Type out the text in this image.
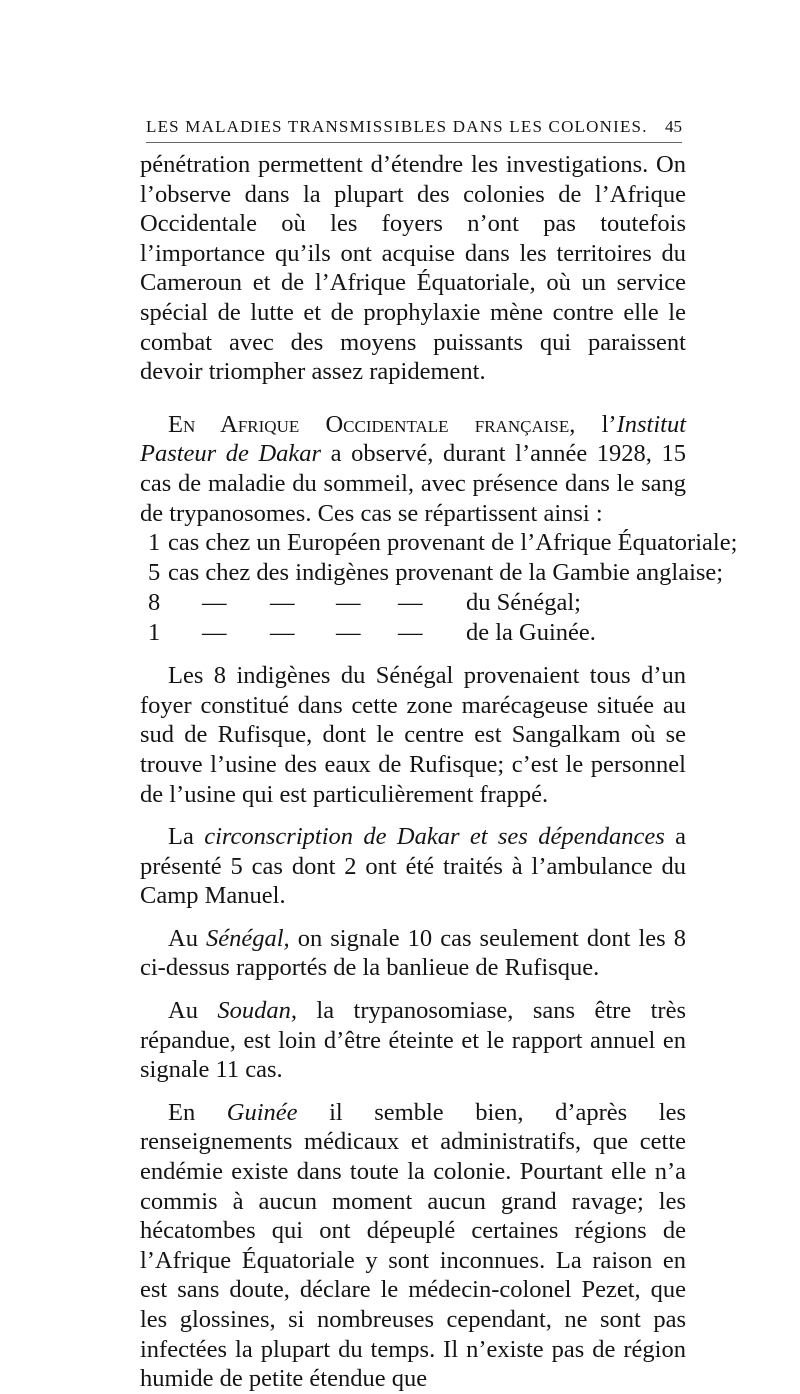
LES MALADIES TRANSMISSIBLES DANS LES COLONIES. 45

pénétration permettent d’étendre les investigations. On l’observe dans la plupart des colonies de l’Afrique Occidentale où les foyers n’ont pas toutefois l’importance qu’ils ont acquise dans les territoires du Cameroun et de l’Afrique Équatoriale, où un service spécial de lutte et de prophylaxie mène contre elle le combat avec des moyens puissants qui paraissent devoir triompher assez rapidement.

En Afrique Occidentale française, l’Institut Pasteur de Dakar a observé, durant l’année 1928, 15 cas de maladie du sommeil, avec présence dans le sang de trypanosomes. Ces cas se répartissent ainsi :

1 cas chez un Européen provenant de l’Afrique Équatoriale;
5 cas chez des indigènes provenant de la Gambie anglaise;
8 — — — — du Sénégal;
1 — — — — de la Guinée.

Les 8 indigènes du Sénégal provenaient tous d’un foyer constitué dans cette zone marécageuse située au sud de Rufisque, dont le centre est Sangalkam où se trouve l’usine des eaux de Rufisque; c’est le personnel de l’usine qui est particulièrement frappé.

La circonscription de Dakar et ses dépendances a présenté 5 cas dont 2 ont été traités à l’ambulance du Camp Manuel.

Au Sénégal, on signale 10 cas seulement dont les 8 ci-dessus rapportés de la banlieue de Rufisque.

Au Soudan, la trypanosomiase, sans être très répandue, est loin d’être éteinte et le rapport annuel en signale 11 cas.

En Guinée il semble bien, d’après les renseignements médicaux et administratifs, que cette endémie existe dans toute la colonie. Pourtant elle n’a commis à aucun moment aucun grand ravage; les hécatombes qui ont dépeuplé certaines régions de l’Afrique Équatoriale y sont inconnues. La raison en est sans doute, déclare le médecin-colonel Pezet, que les glossines, si nombreuses cependant, ne sont pas infectées la plupart du temps. Il n’existe pas de région humide de petite étendue que
